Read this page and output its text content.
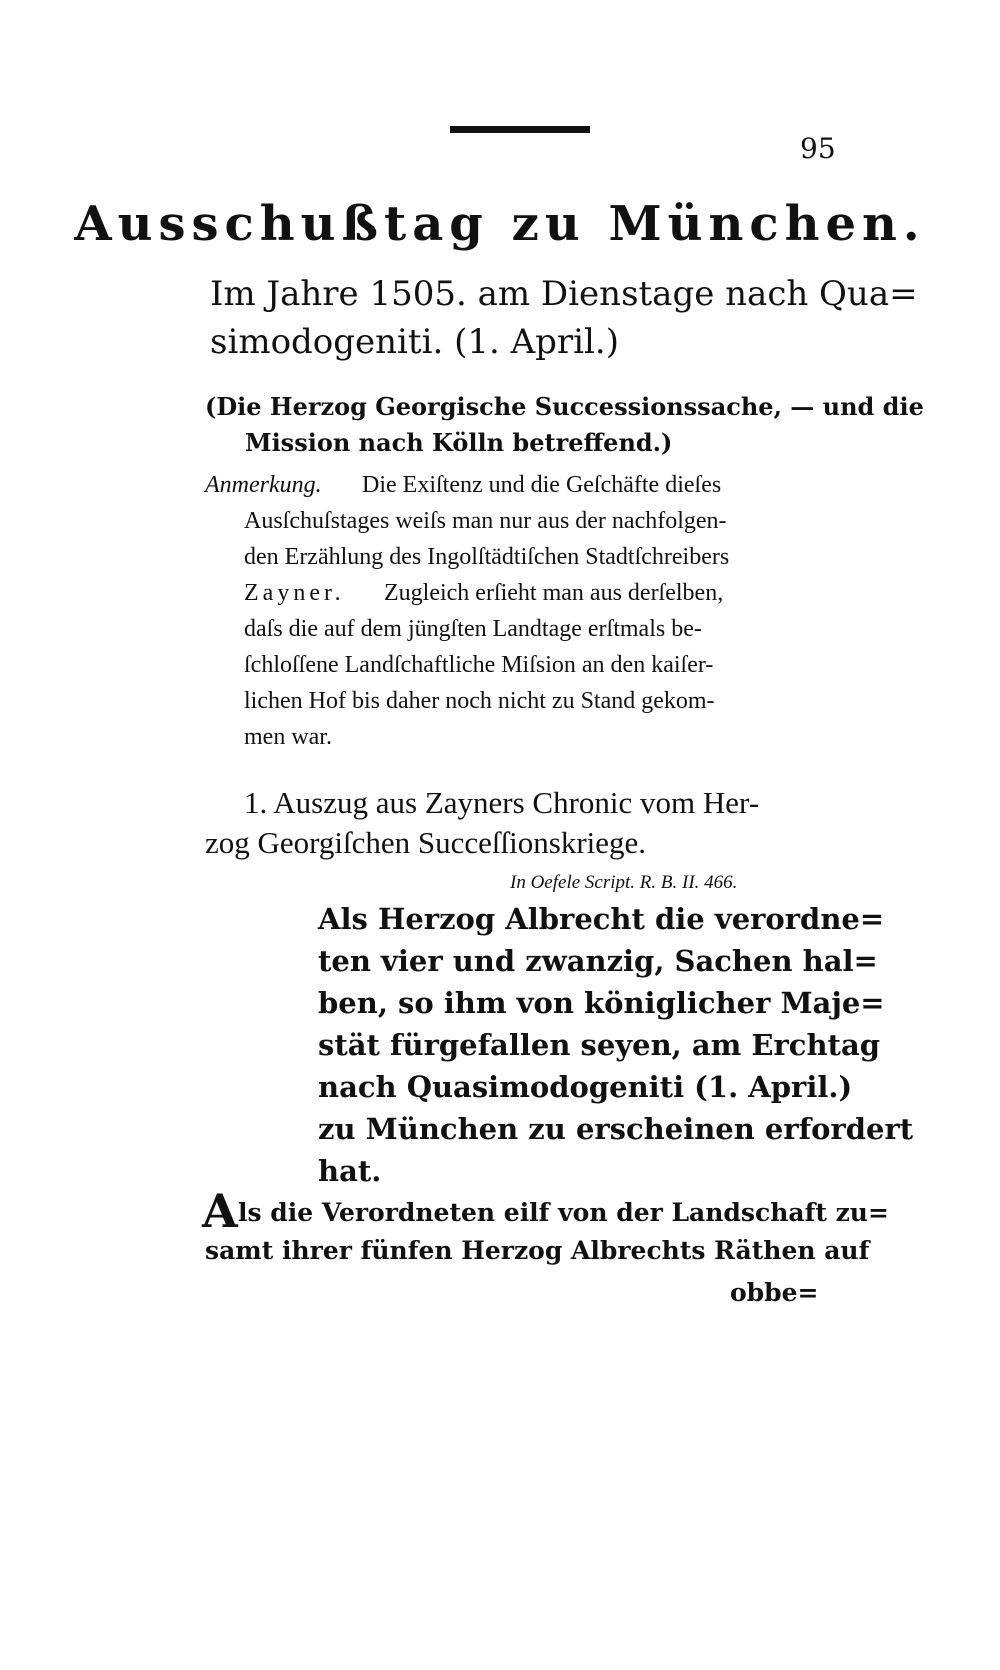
95
Ausschußtag zu München.
Im Jahre 1505. am Dienstage nach Qua=
simodogeniti. (1. April.)
(Die Herzog Georgische Successionssache, — und die
Mission nach Kölln betreffend.)
Anmerkung. Die Exiſtenz und die Geſchäfte dieſes
Ausſchuſstages weiſs man nur aus der nachfolgen-
den Erzählung des Ingolſtädtiſchen Stadtſchreibers
Zayner. Zugleich erſieht man aus derſelben,
daſs die auf dem jüngſten Landtage erſtmals be-
ſchloſſene Landſchaftliche Miſsion an den kaiſer-
lichen Hof bis daher noch nicht zu Stand gekom-
men war.
1. Auszug aus Zayners Chronic vom Her-
zog Georgiſchen Succeſſionskriege.
In Oefele Script. R. B. II. 466.
Als Herzog Albrecht die verordne=
ten vier und zwanzig, Sachen hal=
ben, so ihm von königlicher Maje=
stät fürgefallen seyen, am Erchtag
nach Quasimodogeniti (1. April.)
zu München zu erscheinen erfordert
hat.
A ls die Verordneten eilf von der Landschaft zu=
samt ihrer fünfen Herzog Albrechts Räthen auf
obbe=
